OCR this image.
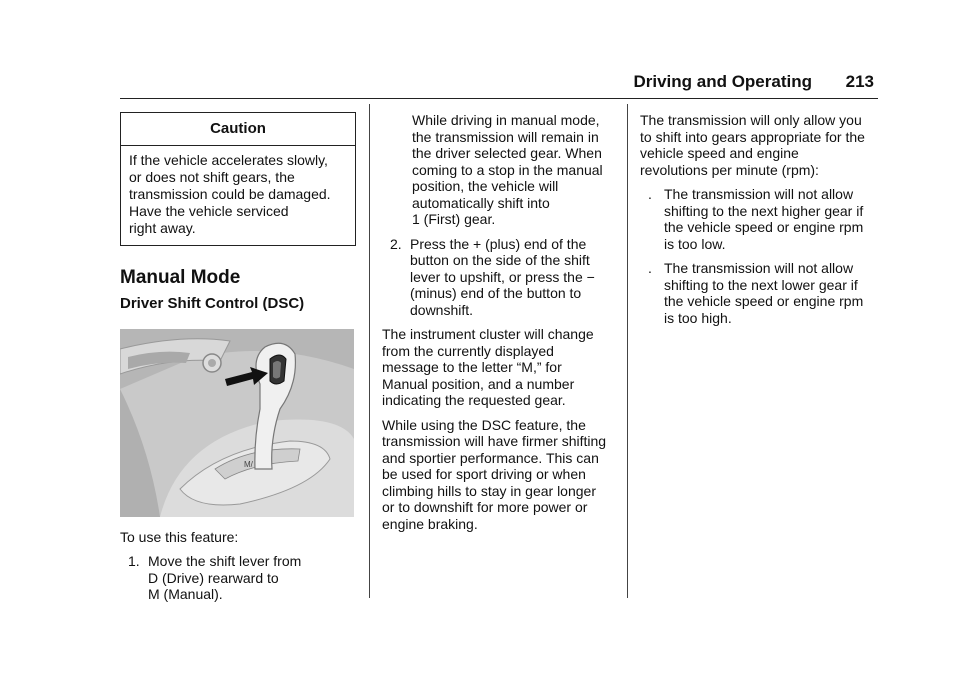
Driving and Operating 213
Caution
If the vehicle accelerates slowly,
or does not shift gears, the
transmission could be damaged.
Have the vehicle serviced
right away.
Manual Mode
Driver Shift Control (DSC)
M/
To use this feature:
1. Move the shift lever from
D (Drive) rearward to
M (Manual).
While driving in manual mode,
the transmission will remain in
the driver selected gear. When
coming to a stop in the manual
position, the vehicle will
automatically shift into
1 (First) gear.
2. Press the + (plus) end of the
button on the side of the shift
lever to upshift, or press the −
(minus) end of the button to
downshift.
The instrument cluster will change
from the currently displayed
message to the letter “M,” for
Manual position, and a number
indicating the requested gear.
While using the DSC feature, the
transmission will have firmer shifting
and sportier performance. This can
be used for sport driving or when
climbing hills to stay in gear longer
or to downshift for more power or
engine braking.
The transmission will only allow you
to shift into gears appropriate for the
vehicle speed and engine
revolutions per minute (rpm):
. The transmission will not allow
shifting to the next higher gear if
the vehicle speed or engine rpm
is too low.
. The transmission will not allow
shifting to the next lower gear if
the vehicle speed or engine rpm
is too high.
